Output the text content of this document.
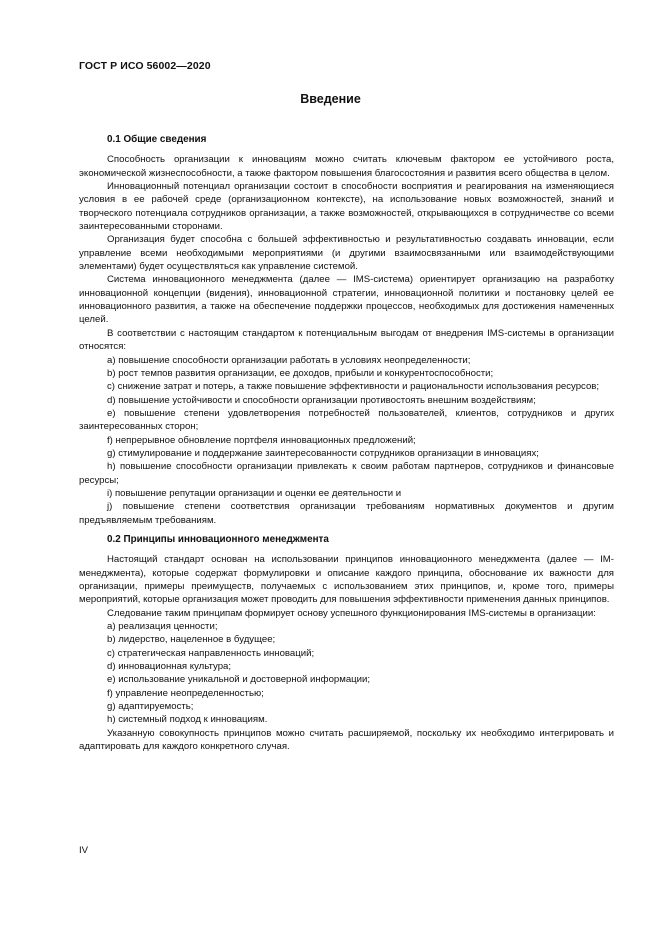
ГОСТ Р ИСО 56002—2020
Введение
0.1 Общие сведения

Способность организации к инновациям можно считать ключевым фактором ее устойчивого роста, экономической жизнеспособности, а также фактором повышения благосостояния и развития всего общества в целом.

Инновационный потенциал организации состоит в способности восприятия и реагирования на изменяющиеся условия в ее рабочей среде (организационном контексте), на использование новых возможностей, знаний и творческого потенциала сотрудников организации, а также возможностей, открывающихся в сотрудничестве со всеми заинтересованными сторонами.

Организация будет способна с большей эффективностью и результативностью создавать инновации, если управление всеми необходимыми мероприятиями (и другими взаимосвязанными или взаимодействующими элементами) будет осуществляться как управление системой.

Система инновационного менеджмента (далее — IMS-система) ориентирует организацию на разработку инновационной концепции (видения), инновационной стратегии, инновационной политики и постановку целей ее инновационного развития, а также на обеспечение поддержки процессов, необходимых для достижения намеченных целей.

В соответствии с настоящим стандартом к потенциальным выгодам от внедрения IMS-системы в организации относятся:

a) повышение способности организации работать в условиях неопределенности;

b) рост темпов развития организации, ее доходов, прибыли и конкурентоспособности;

c) снижение затрат и потерь, а также повышение эффективности и рациональности использования ресурсов;

d) повышение устойчивости и способности организации противостоять внешним воздействиям;

e) повышение степени удовлетворения потребностей пользователей, клиентов, сотрудников и других заинтересованных сторон;

f) непрерывное обновление портфеля инновационных предложений;

g) стимулирование и поддержание заинтересованности сотрудников организации в инновациях;

h) повышение способности организации привлекать к своим работам партнеров, сотрудников и финансовые ресурсы;

i) повышение репутации организации и оценки ее деятельности и

j) повышение степени соответствия организации требованиям нормативных документов и другим предъявляемым требованиям.

0.2 Принципы инновационного менеджмента

Настоящий стандарт основан на использовании принципов инновационного менеджмента (далее — IM-менеджмента), которые содержат формулировки и описание каждого принципа, обоснование их важности для организации, примеры преимуществ, получаемых с использованием этих принципов, и, кроме того, примеры мероприятий, которые организация может проводить для повышения эффективности применения данных принципов.

Следование таким принципам формирует основу успешного функционирования IMS-системы в организации:

a) реализация ценности;

b) лидерство, нацеленное в будущее;

c) стратегическая направленность инноваций;

d) инновационная культура;

e) использование уникальной и достоверной информации;

f) управление неопределенностью;

g) адаптируемость;

h) системный подход к инновациям.

Указанную совокупность принципов можно считать расширяемой, поскольку их необходимо интегрировать и адаптировать для каждого конкретного случая.

IV
